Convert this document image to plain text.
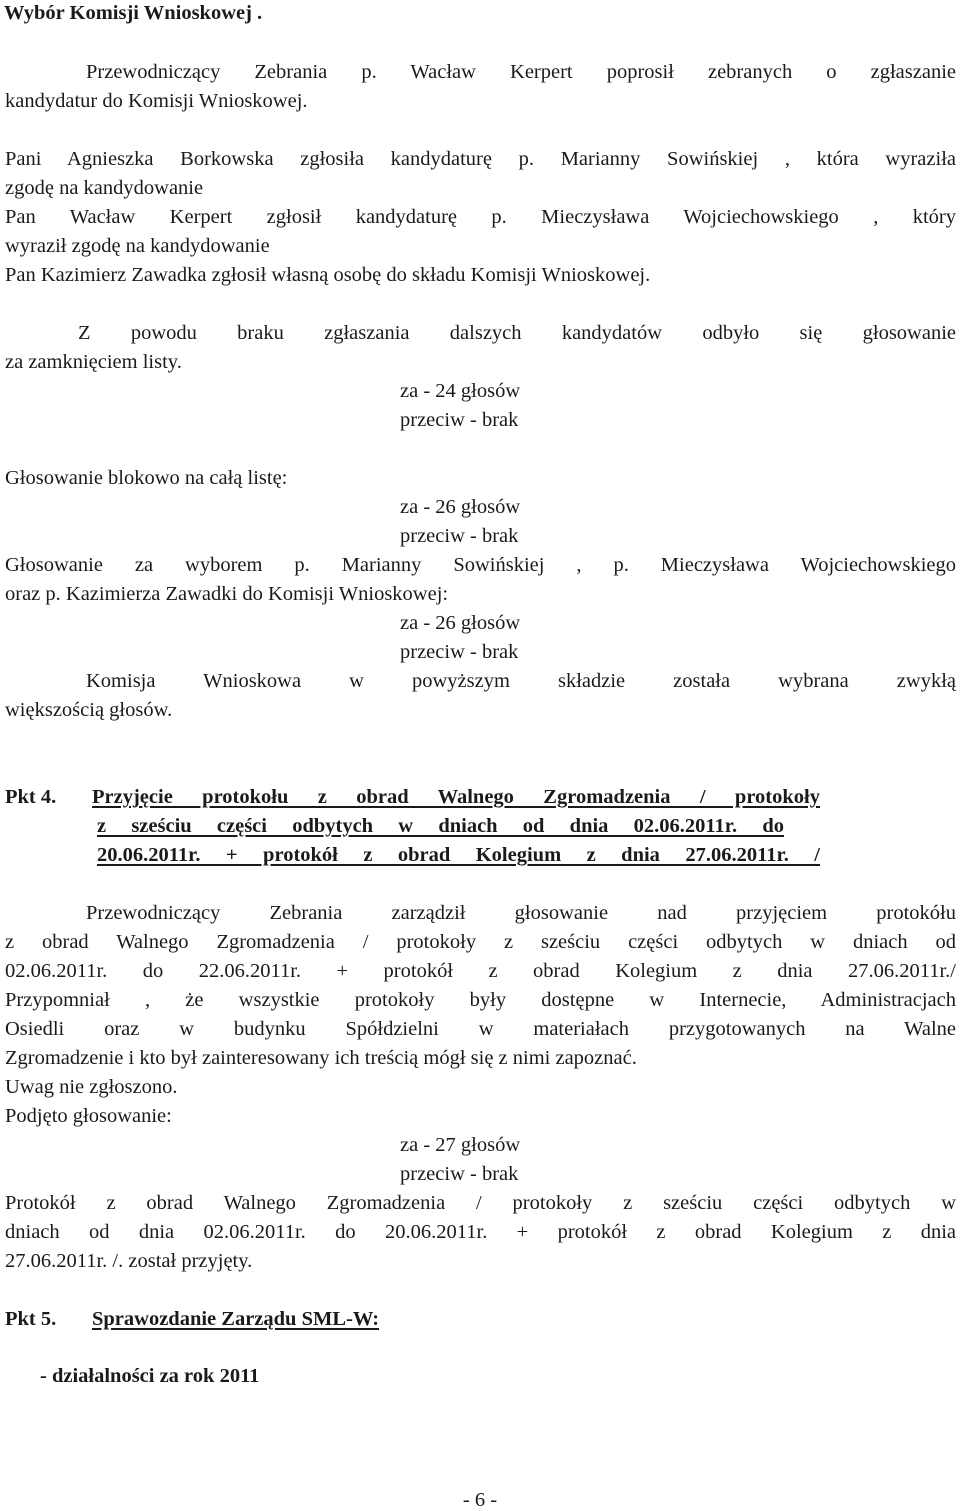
Wybór Komisji Wnioskowej .
Przewodniczący Zebrania p. Wacław Kerpert poprosił zebranych o zgłaszanie
kandydatur do Komisji Wnioskowej.
Pani Agnieszka Borkowska zgłosiła kandydaturę p. Marianny Sowińskiej , która wyraziła
zgodę na kandydowanie
Pan Wacław Kerpert zgłosił kandydaturę p. Mieczysława Wojciechowskiego , który
wyraził zgodę na kandydowanie
Pan Kazimierz Zawadka zgłosił własną osobę do składu Komisji Wnioskowej.
Z powodu braku zgłaszania dalszych kandydatów odbyło się głosowanie
za zamknięciem listy.
za - 24 głosów
przeciw - brak
Głosowanie blokowo na całą listę:
za - 26 głosów
przeciw - brak
Głosowanie za wyborem p. Marianny Sowińskiej , p. Mieczysława Wojciechowskiego
oraz p. Kazimierza Zawadki do Komisji Wnioskowej:
za - 26 głosów
przeciw - brak
Komisja Wnioskowa w powyższym składzie została wybrana zwykłą
większością głosów.
Pkt 4. Przyjęcie protokołu z obrad Walnego Zgromadzenia / protokoły
z sześciu części odbytych w dniach od dnia 02.06.2011r. do
20.06.2011r. + protokół z obrad Kolegium z dnia 27.06.2011r. /
Przewodniczący Zebrania zarządził głosowanie nad przyjęciem protokółu
z obrad Walnego Zgromadzenia / protokoły z sześciu części odbytych w dniach od
02.06.2011r. do 22.06.2011r. + protokół z obrad Kolegium z dnia 27.06.2011r./
Przypomniał , że wszystkie protokoły były dostępne w Internecie, Administracjach
Osiedli oraz w budynku Spółdzielni w materiałach przygotowanych na Walne
Zgromadzenie i kto był zainteresowany ich treścią mógł się z nimi zapoznać.
Uwag nie zgłoszono.
Podjęto głosowanie:
za - 27 głosów
przeciw - brak
Protokół z obrad Walnego Zgromadzenia / protokoły z sześciu części odbytych w
dniach od dnia 02.06.2011r. do 20.06.2011r. + protokół z obrad Kolegium z dnia
27.06.2011r. /. został przyjęty.
Pkt 5. Sprawozdanie Zarządu SML-W:
- działalności za rok 2011
- 6 -
